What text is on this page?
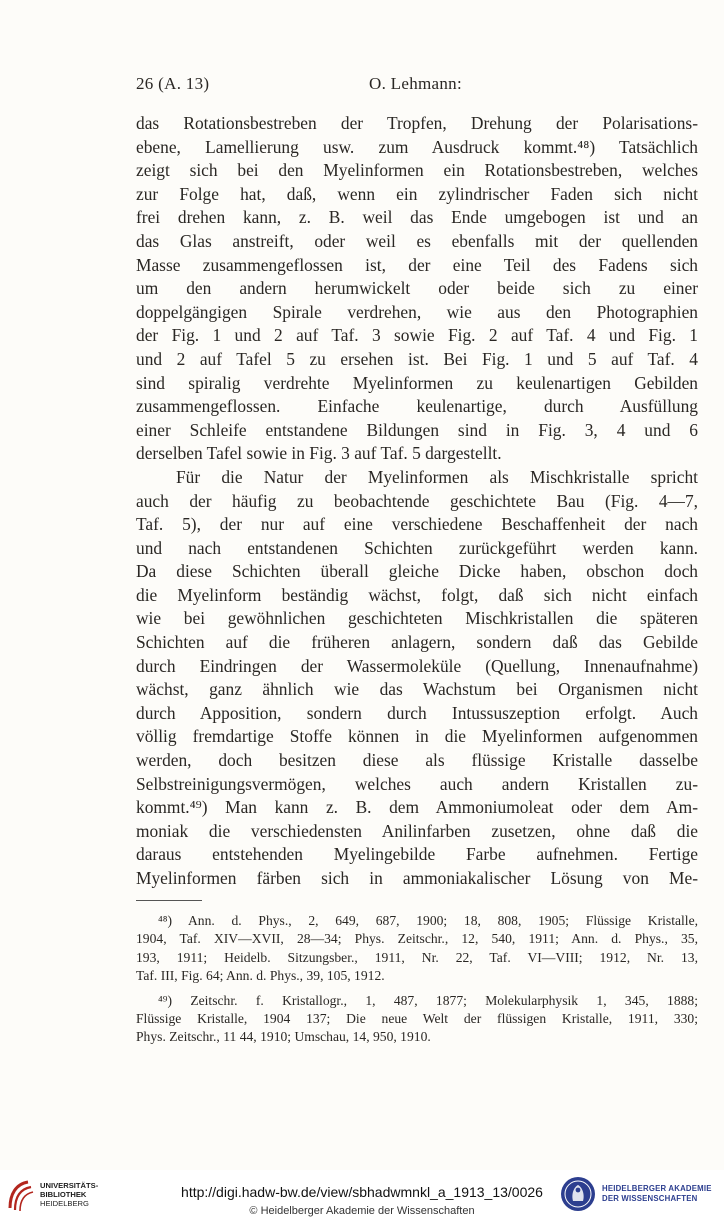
26 (A. 13)	O. Lehmann:
das Rotationsbestreben der Tropfen, Drehung der Polarisations-
ebene, Lamellierung usw. zum Ausdruck kommt.⁴⁸) Tatsächlich
zeigt sich bei den Myelinformen ein Rotationsbestreben, welches
zur Folge hat, daß, wenn ein zylindrischer Faden sich nicht
frei drehen kann, z. B. weil das Ende umgebogen ist und an
das Glas anstreift, oder weil es ebenfalls mit der quellenden
Masse zusammengeflossen ist, der eine Teil des Fadens sich
um den andern herumwickelt oder beide sich zu einer
doppelgängigen Spirale verdrehen, wie aus den Photographien
der Fig. 1 und 2 auf Taf. 3 sowie Fig. 2 auf Taf. 4 und Fig. 1
und 2 auf Tafel 5 zu ersehen ist. Bei Fig. 1 und 5 auf Taf. 4
sind spiralig verdrehte Myelinformen zu keulenartigen Gebilden
zusammengeflossen. Einfache keulenartige, durch Ausfüllung
einer Schleife entstandene Bildungen sind in Fig. 3, 4 und 6
derselben Tafel sowie in Fig. 3 auf Taf. 5 dargestellt.
Für die Natur der Myelinformen als Mischkristalle spricht
auch der häufig zu beobachtende geschichtete Bau (Fig. 4—7,
Taf. 5), der nur auf eine verschiedene Beschaffenheit der nach
und nach entstandenen Schichten zurückgeführt werden kann.
Da diese Schichten überall gleiche Dicke haben, obschon doch
die Myelinform beständig wächst, folgt, daß sich nicht einfach
wie bei gewöhnlichen geschichteten Mischkristallen die späteren
Schichten auf die früheren anlagern, sondern daß das Gebilde
durch Eindringen der Wassermoleküle (Quellung, Innenaufnahme)
wächst, ganz ähnlich wie das Wachstum bei Organismen nicht
durch Apposition, sondern durch Intussuszeption erfolgt. Auch
völlig fremdartige Stoffe können in die Myelinformen aufgenommen
werden, doch besitzen diese als flüssige Kristalle dasselbe
Selbstreinigungsvermögen, welches auch andern Kristallen zu-
kommt.⁴⁹) Man kann z. B. dem Ammoniumoleat oder dem Am-
moniak die verschiedensten Anilinfarben zusetzen, ohne daß die
daraus entstehenden Myelingebilde Farbe aufnehmen. Fertige
Myelinformen färben sich in ammoniakalischer Lösung von Me-
⁴⁸) Ann. d. Phys., 2, 649, 687, 1900; 18, 808, 1905; Flüssige Kristalle,
1904, Taf. XIV—XVII, 28—34; Phys. Zeitschr., 12, 540, 1911; Ann. d. Phys., 35,
193, 1911; Heidelb. Sitzungsber., 1911, Nr. 22, Taf. VI—VIII; 1912, Nr. 13,
Taf. III, Fig. 64; Ann. d. Phys., 39, 105, 1912.
⁴⁹) Zeitschr. f. Kristallogr., 1, 487, 1877; Molekularphysik 1, 345, 1888;
Flüssige Kristalle, 1904 137; Die neue Welt der flüssigen Kristalle, 1911, 330;
Phys. Zeitschr., 11 44, 1910; Umschau, 14, 950, 1910.
UNIVERSITÄTS-
BIBLIOTHEK
HEIDELBERG
http://digi.hadw-bw.de/view/sbhadwmnkl_a_1913_13/0026
© Heidelberger Akademie der Wissenschaften
HEIDELBERGER AKADEMIE
DER WISSENSCHAFTEN
